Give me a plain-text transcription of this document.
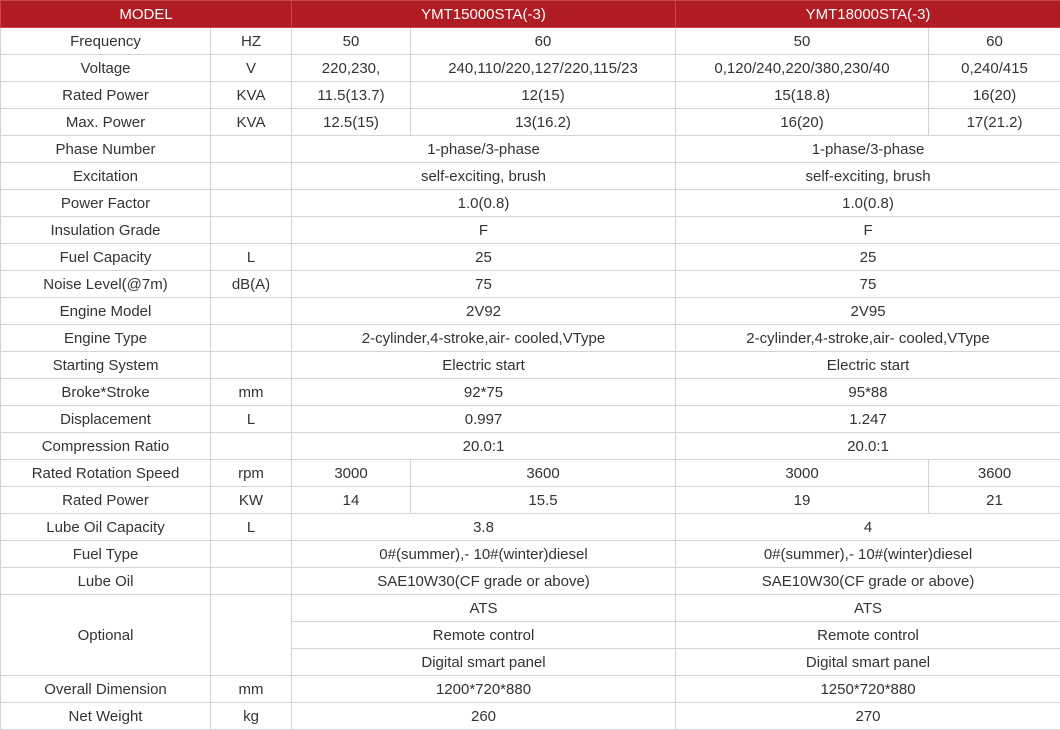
MODEL		YMT15000STA(-3)		YMT18000STA(-3)	
Frequency	HZ	50	60	50	60
Voltage	V	220,230,	240,110/220,127/220,115/23	0,120/240,220/380,230/40	0,240/415
Rated Power	KVA	11.5(13.7)	12(15)	15(18.8)	16(20)
Max. Power	KVA	12.5(15)	13(16.2)	16(20)	17(21.2)
Phase Number		1-phase/3-phase		1-phase/3-phase	
Excitation		self-exciting, brush		self-exciting, brush	
Power Factor		1.0(0.8)		1.0(0.8)	
Insulation Grade		F		F	
Fuel Capacity	L	25		25	
Noise Level(@7m)	dB(A)	75		75	
Engine Model		2V92		2V95	
Engine Type		2-cylinder,4-stroke,air- cooled,VType		2-cylinder,4-stroke,air- cooled,VType	
Starting System		Electric start		Electric start	
Broke*Stroke	mm	92*75		95*88	
Displacement	L	0.997		1.247	
Compression Ratio		20.0:1		20.0:1	
Rated Rotation Speed	rpm	3000	3600	3000	3600
Rated Power	KW	14	15.5	19	21
Lube Oil Capacity	L	3.8		4	
Fuel Type		0#(summer),- 10#(winter)diesel		0#(summer),- 10#(winter)diesel	
Lube Oil		SAE10W30(CF grade or above)		SAE10W30(CF grade or above)	
Optional		ATS		ATS	
		Remote control		Remote control	
		Digital smart panel		Digital smart panel	
Overall Dimension	mm	1200*720*880		1250*720*880	
Net Weight	kg	260		270	
